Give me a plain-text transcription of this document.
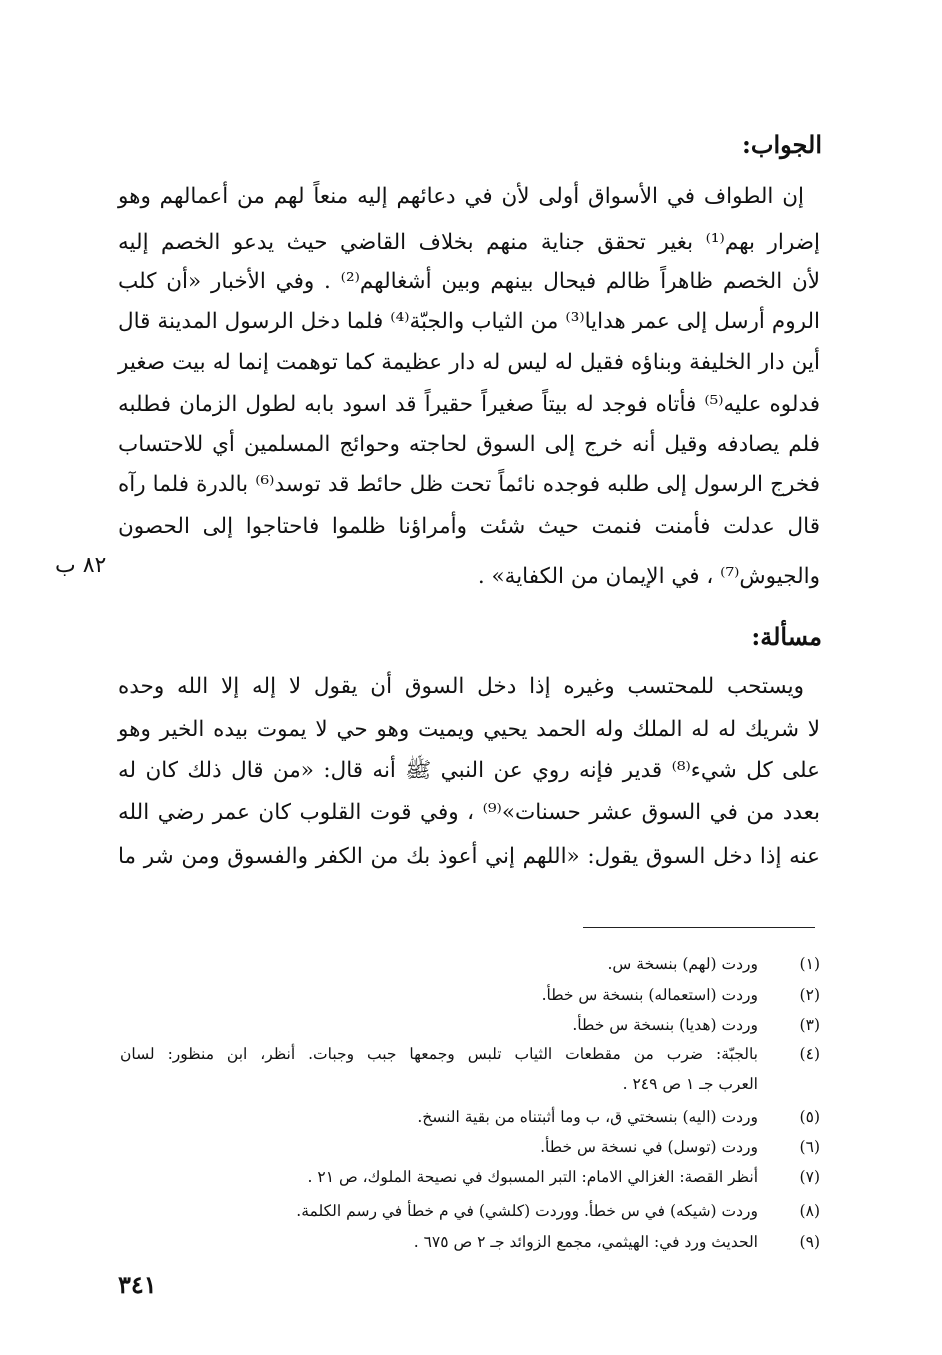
الجواب:
إن الطواف في الأسواق أولى لأن في دعائهم إليه منعاً لهم من أعمالهم وهو
إضرار بهم⁽¹⁾ بغير تحقق جناية منهم بخلاف القاضي حيث يدعو الخصم إليه
لأن الخصم ظاهراً ظالم فيحال بينهم وبين أشغالهم⁽²⁾ . وفي الأخبار «أن كلب
الروم أرسل إلى عمر هدايا⁽³⁾ من الثياب والجبّة⁽⁴⁾ فلما دخل الرسول المدينة قال
أين دار الخليفة وبناؤه فقيل له ليس له دار عظيمة كما توهمت إنما له بيت صغير
فدلوه عليه⁽⁵⁾ فأتاه فوجد له بيتاً صغيراً حقيراً قد اسود بابه لطول الزمان فطلبه
فلم يصادفه وقيل أنه خرج إلى السوق لحاجته وحوائج المسلمين أي للاحتساب
فخرج الرسول إلى طلبه فوجده نائماً تحت ظل حائط قد توسد⁽⁶⁾ بالدرة فلما رآه
قال عدلت فأمنت فنمت حيث شئت وأمراؤنا ظلموا فاحتاجوا إلى الحصون
والجيوش⁽⁷⁾ ، في الإيمان من الكفاية» .
٨٢ ب
مسألة:
ويستحب للمحتسب وغيره إذا دخل السوق أن يقول لا إله إلا الله وحده
لا شريك له له الملك وله الحمد يحيي ويميت وهو حي لا يموت بيده الخير وهو
على كل شيء⁽⁸⁾ قدير فإنه روي عن النبي ﷺ أنه قال: «من قال ذلك كان له
بعدد من في السوق عشر حسنات»⁽⁹⁾ ، وفي قوت القلوب كان عمر رضي الله
عنه إذا دخل السوق يقول: «اللهم إني أعوذ بك من الكفر والفسوق ومن شر ما
(١)
وردت (لهم) بنسخة س.
(٢)
وردت (استعماله) بنسخة س خطأ.
(٣)
وردت (هديا) بنسخة س خطأ.
(٤)
بالجبّة: ضرب من مقطعات الثياب تلبس وجمعها جبب وجبات. أنظر، ابن منظور: لسان
العرب جـ ١ ص ٢٤٩ .
(٥)
وردت (اليه) بنسختي ق، ب وما أثبتناه من بقية النسخ.
(٦)
وردت (توسل) في نسخة س خطأ.
(٧)
أنظر القصة: الغزالي الامام: التبر المسبوك في نصيحة الملوك، ص ٢١ .
(٨)
وردت (شيكه) في س خطأ. ووردت (كلشي) في م خطأ في رسم الكلمة.
(٩)
الحديث ورد في: الهيثمي، مجمع الزوائد جـ ٢ ص ٦٧٥ .
٣٤١
